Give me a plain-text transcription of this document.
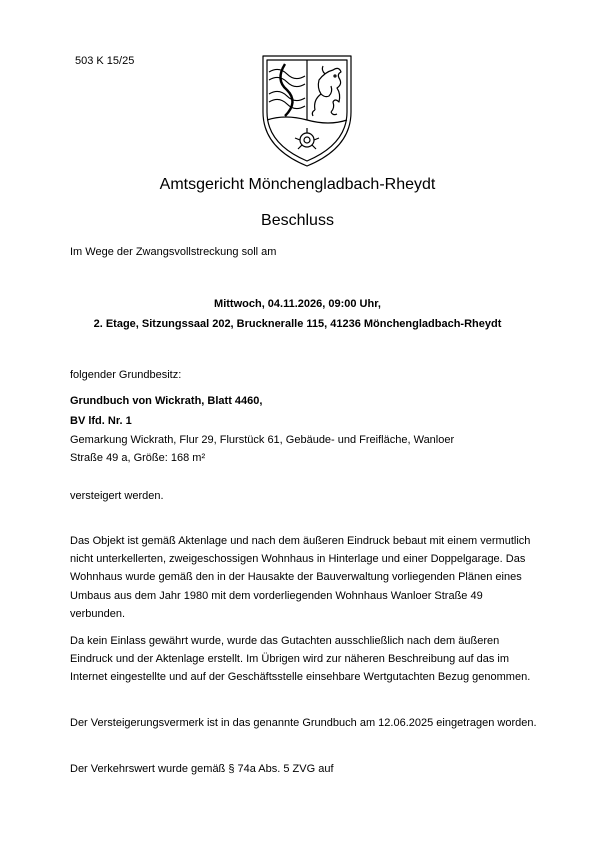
503 K 15/25
Amtsgericht Mönchengladbach-Rheydt
Beschluss
Im Wege der Zwangsvollstreckung soll am
Mittwoch, 04.11.2026, 09:00 Uhr,
2. Etage, Sitzungssaal 202, Bruckneralle 115, 41236 Mönchengladbach-Rheydt
folgender Grundbesitz:
Grundbuch von Wickrath, Blatt 4460,
BV lfd. Nr. 1
Gemarkung Wickrath, Flur 29, Flurstück 61, Gebäude- und Freifläche, Wanloer
Straße 49 a, Größe: 168 m²
versteigert werden.
Das Objekt ist gemäß Aktenlage und nach dem äußeren Eindruck bebaut mit einem vermutlich nicht unterkellerten, zweigeschossigen Wohnhaus in Hinterlage und einer Doppelgarage. Das Wohnhaus wurde gemäß den in der Hausakte der Bauverwaltung vorliegenden Plänen eines Umbaus aus dem Jahr 1980 mit dem vorderliegenden Wohnhaus Wanloer Straße 49 verbunden.
Da kein Einlass gewährt wurde, wurde das Gutachten ausschließlich nach dem äußeren Eindruck und der Aktenlage erstellt. Im Übrigen wird zur näheren Beschreibung auf das im Internet eingestellte und auf der Geschäftsstelle einsehbare Wertgutachten Bezug genommen.
Der Versteigerungsvermerk ist in das genannte Grundbuch am 12.06.2025 eingetragen worden.
Der Verkehrswert wurde gemäß § 74a Abs. 5 ZVG auf
